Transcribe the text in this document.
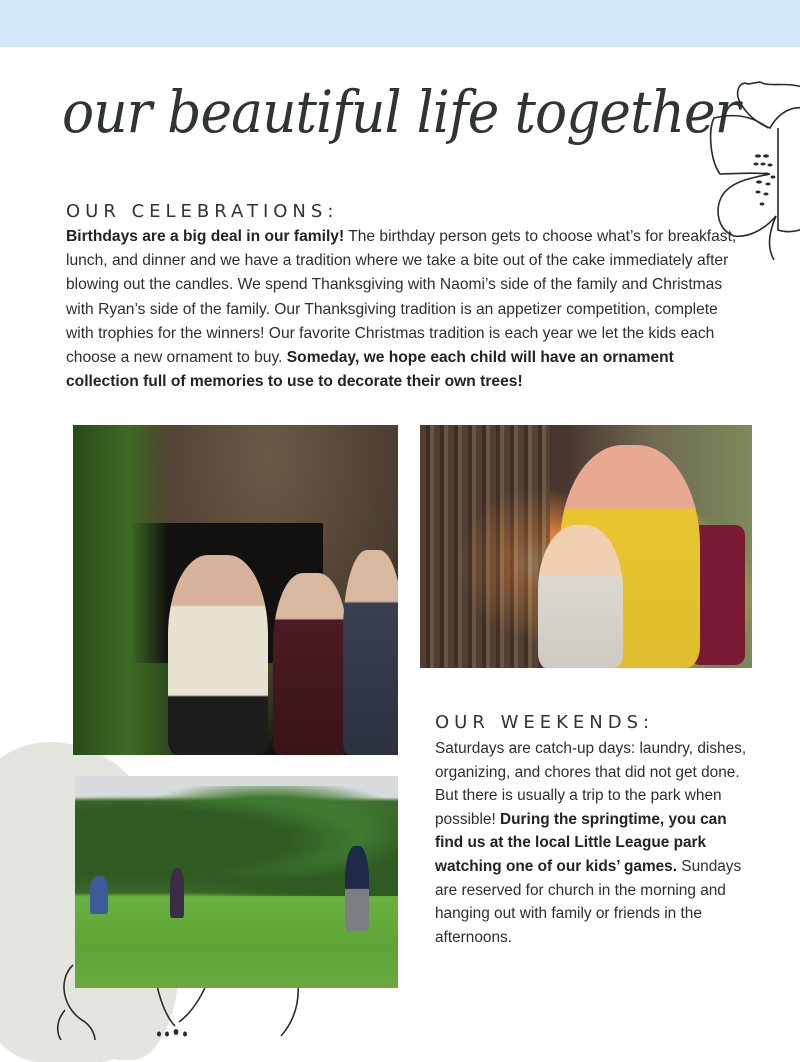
our beautiful life together
OUR CELEBRATIONS:
Birthdays are a big deal in our family! The birthday person gets to choose what’s for breakfast, lunch, and dinner and we have a tradition where we take a bite out of the cake immediately after blowing out the candles. We spend Thanksgiving with Naomi’s side of the family and Christmas with Ryan’s side of the family. Our Thanksgiving tradition is an appetizer competition, complete with trophies for the winners! Our favorite Christmas tradition is each year we let the kids each choose a new ornament to buy. Someday, we hope each child will have an ornament collection full of memories to use to decorate their own trees!
OUR WEEKENDS:
Saturdays are catch-up days: laundry, dishes, organizing, and chores that did not get done. But there is usually a trip to the park when possible! During the springtime, you can find us at the local Little League park watching one of our kids’ games. Sundays are reserved for church in the morning and hanging out with family or friends in the afternoons.
